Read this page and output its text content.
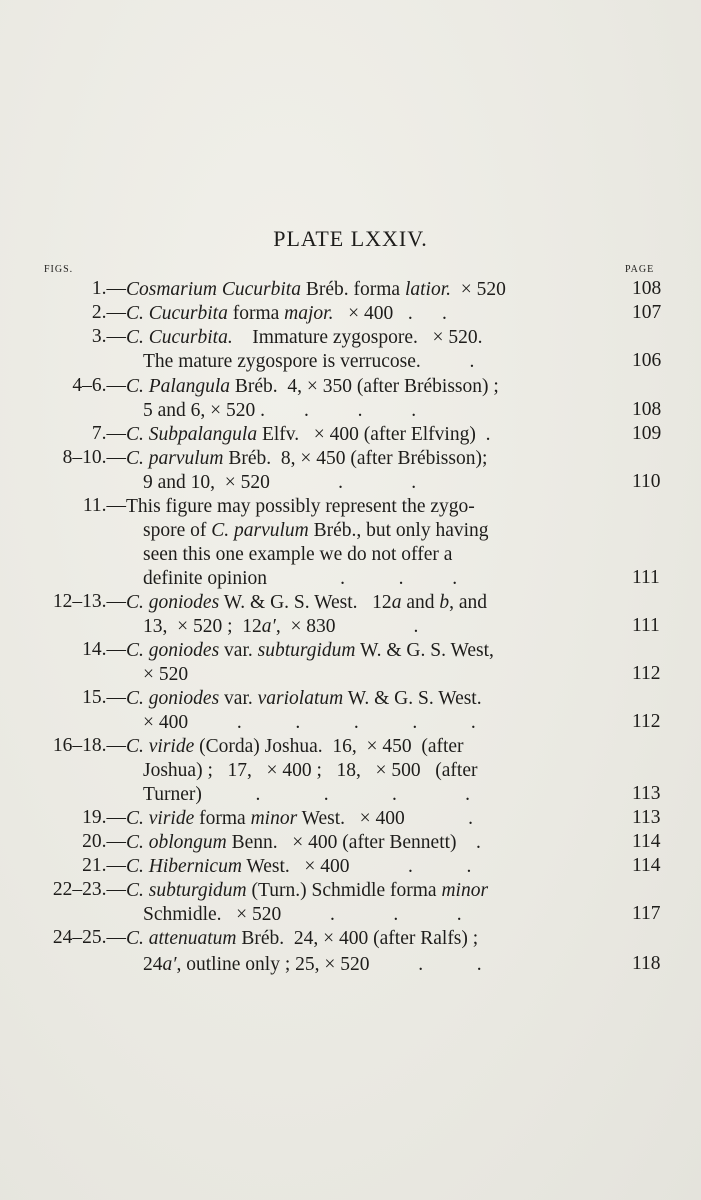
PLATE LXXIV.
FIGS.	PAGE
1.— Cosmarium Cucurbita Bréb. forma latior.  × 520	108
2.— C. Cucurbita forma major.   × 400   .      .	107
3.— C. Cucurbita.    Immature zygospore.   × 520.
The mature zygospore is verrucose.          .	106
4–6.— C. Palangula Bréb.  4, × 350 (after Brébisson) ;
5 and 6, × 520 .        .          .          .	108
7.— C. Subpalangula Elfv.   × 400 (after Elfving)  .	109
8–10.— C. parvulum Bréb.  8, × 450 (after Brébisson);
9 and 10,  × 520              .              .	110
11.— This figure may possibly represent the zygo-
spore of C. parvulum Bréb., but only having
seen this one example we do not offer a
definite opinion               .           .          .	111
12–13.— C. goniodes W. & G. S. West.   12a and b, and
13,  × 520 ;  12a′,  × 830                .	111
14.— C. goniodes var. subturgidum W. & G. S. West,
× 520	112
15.— C. goniodes var. variolatum W. & G. S. West.
× 400          .           .           .           .           .	112
16–18.— C. viride (Corda) Joshua.  16,  × 450  (after
Joshua) ;   17,   × 400 ;   18,   × 500   (after
Turner)           .             .             .              .	113
19.— C. viride forma minor West.   × 400             .	113
20.— C. oblongum Benn.   × 400 (after Bennett)    .	114
21.— C. Hibernicum West.   × 400            .           .	114
22–23.— C. subturgidum (Turn.) Schmidle forma minor
Schmidle.   × 520          .            .            .	117
24–25.— C. attenuatum Bréb.  24, × 400 (after Ralfs) ;
24a′, outline only ; 25, × 520          .           .	118
